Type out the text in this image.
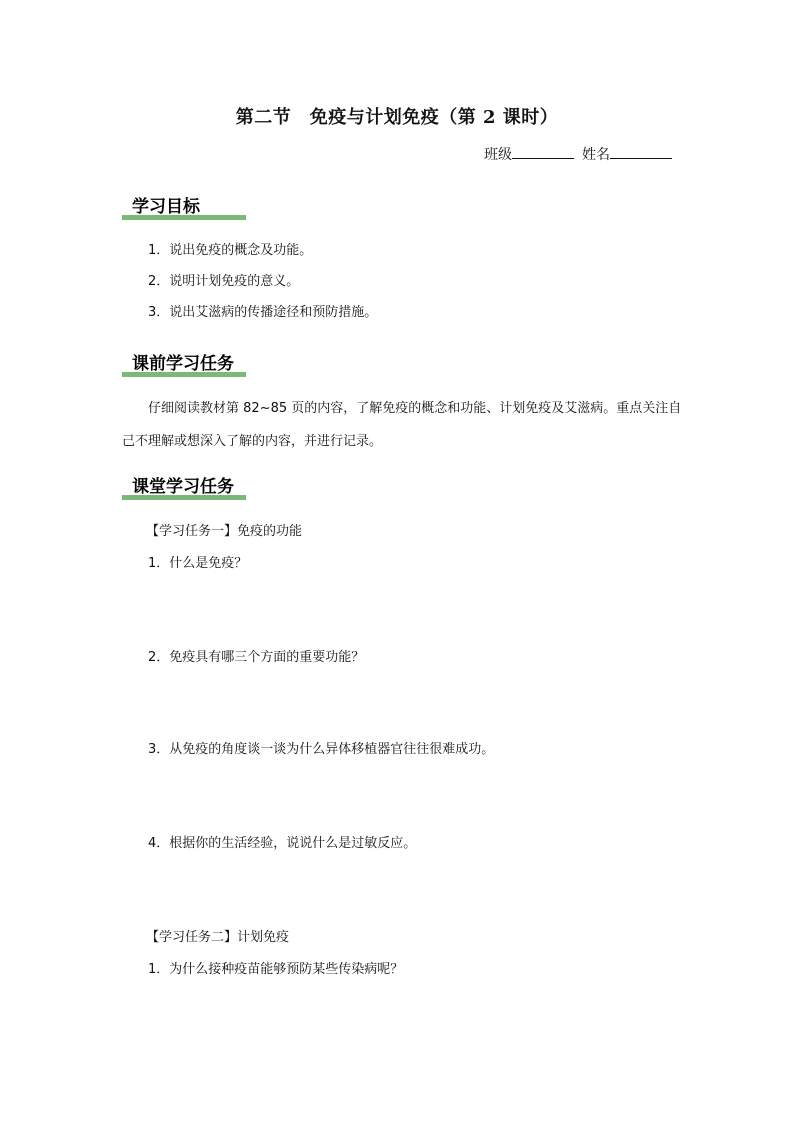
第二节　免疫与计划免疫（第 2 课时）
班级	姓名
学习目标
1．说出免疫的概念及功能。
2．说明计划免疫的意义。
3．说出艾滋病的传播途径和预防措施。
课前学习任务
仔细阅读教材第 82~85 页的内容，了解免疫的概念和功能、计划免疫及艾滋病。重点关注自己不理解或想深入了解的内容，并进行记录。
课堂学习任务
【学习任务一】免疫的功能
1．什么是免疫？
2．免疫具有哪三个方面的重要功能？
3．从免疫的角度谈一谈为什么异体移植器官往往很难成功。
4．根据你的生活经验，说说什么是过敏反应。
【学习任务二】计划免疫
1．为什么接种疫苗能够预防某些传染病呢？
